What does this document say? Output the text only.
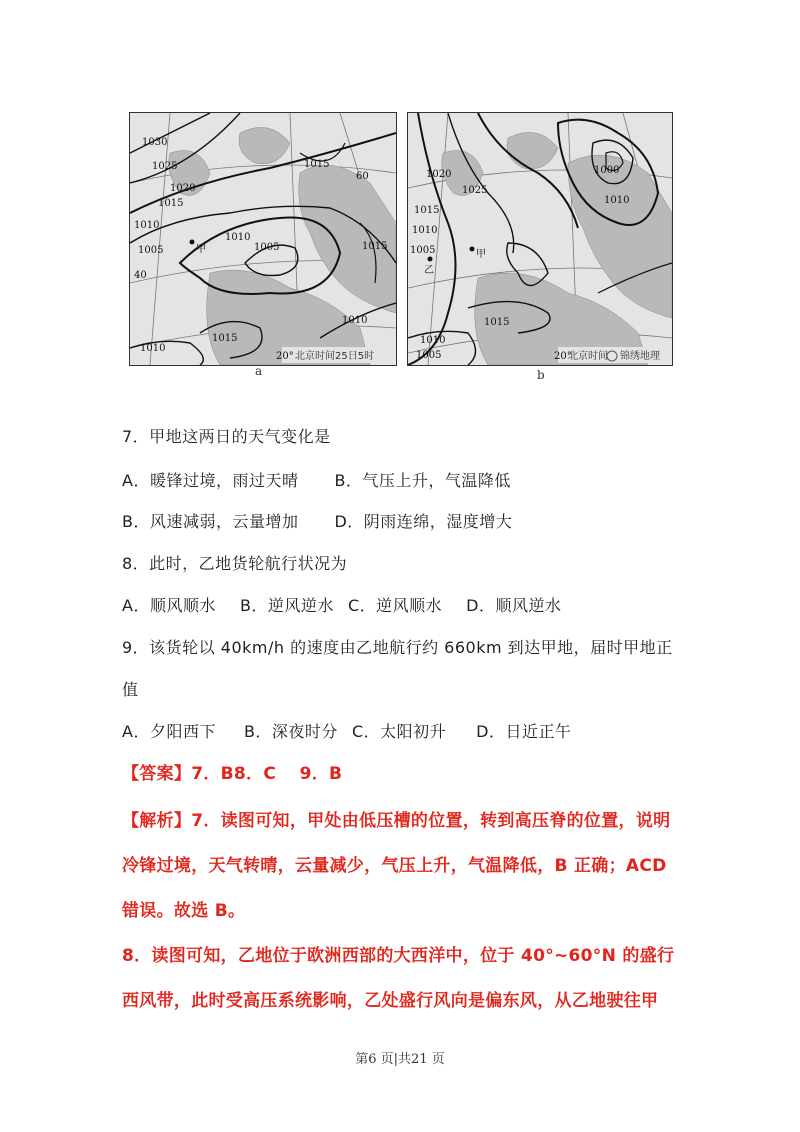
1030
1025
1020
1015
1010
1005
1010
1015
1005	1015
1010
1015
1010
60
40
甲
20° 北京时间25日5时
1020
1025
1015
1010
1005
1010
1000
1015
1010
1005
甲
乙
20°
北京时间 锦绣地理
a	b
7．甲地这两日的天气变化是
A．暖锋过境，雨过天晴 B．气压上升，气温降低
B．风速减弱，云量增加 D．阴雨连绵，湿度增大
8．此时，乙地货轮航行状况为
A．顺风顺水 B．逆风逆水 C．逆风顺水 D．顺风逆水
9．该货轮以 40km/h 的速度由乙地航行约 660km 到达甲地，届时甲地正
值
A．夕阳西下 B．深夜时分 C．太阳初升 D．日近正午
【答案】7．B8．C　 9．B
【解析】7．读图可知，甲处由低压槽的位置，转到高压脊的位置，说明
冷锋过境，天气转晴，云量减少，气压上升，气温降低，B 正确；ACD
错误。故选 B。
8．读图可知，乙地位于欧洲西部的大西洋中，位于 40°~60°N 的盛行
西风带，此时受高压系统影响，乙处盛行风向是偏东风，从乙地驶往甲
第6 页|共21 页
